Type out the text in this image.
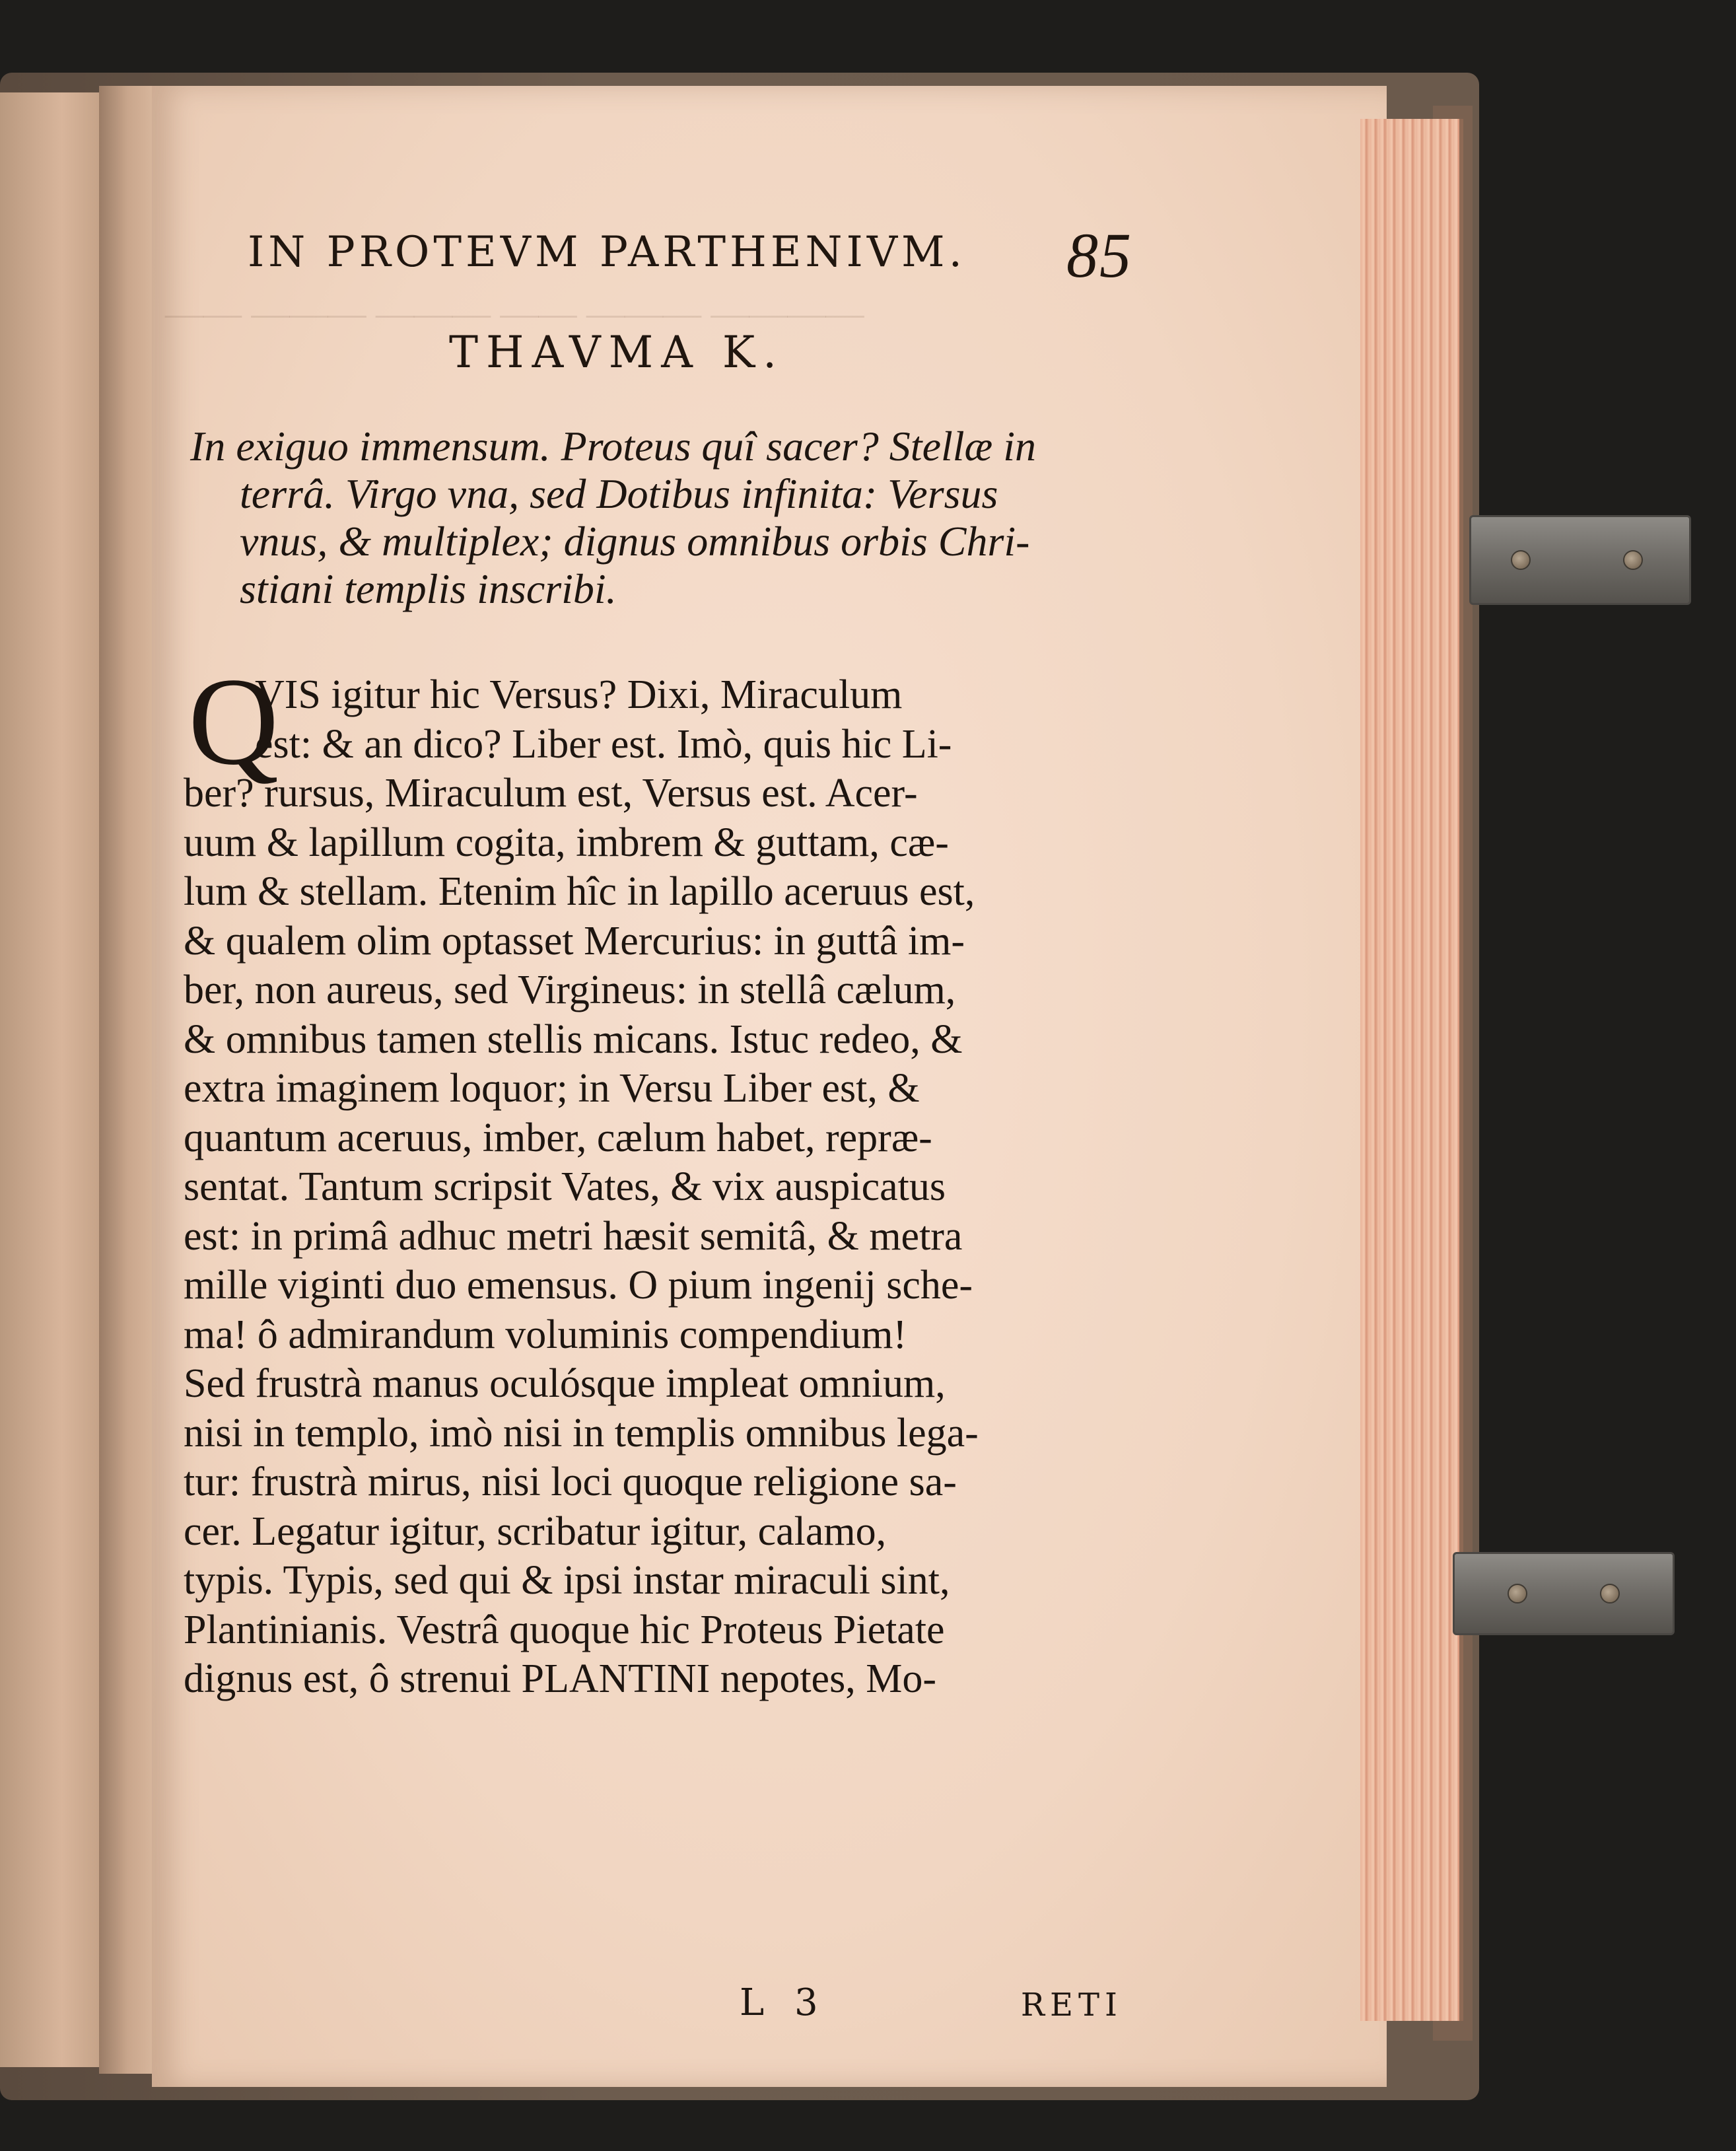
—— ——— ——— —— ——— ————
IN PROTEVM PARTHENIVM. 85
THAVMA K.
In exiguo immensum. Proteus quî sacer? Stellæ in
terrâ. Virgo vna, sed Dotibus infinita: Versus
vnus, & multiplex; dignus omnibus orbis Chri-
stiani templis inscribi.
Q
VIS igitur hic Versus? Dixi, Miraculum
est: & an dico? Liber est. Imò, quis hic Li-
ber? rursus, Miraculum est, Versus est. Acer-
uum & lapillum cogita, imbrem & guttam, cæ-
lum & stellam. Etenim hîc in lapillo aceruus est,
& qualem olim optasset Mercurius: in guttâ im-
ber, non aureus, sed Virgineus: in stellâ cælum,
& omnibus tamen stellis micans. Istuc redeo, &
extra imaginem loquor; in Versu Liber est, &
quantum aceruus, imber, cælum habet, repræ-
sentat. Tantum scripsit Vates, & vix auspicatus
est: in primâ adhuc metri hæsit semitâ, & metra
mille viginti duo emensus. O pium ingenij sche-
ma! ô admirandum voluminis compendium!
Sed frustrà manus oculósque impleat omnium,
nisi in templo, imò nisi in templis omnibus lega-
tur: frustrà mirus, nisi loci quoque religione sa-
cer. Legatur igitur, scribatur igitur, calamo,
typis. Typis, sed qui & ipsi instar miraculi sint,
Plantinianis. Vestrâ quoque hic Proteus Pietate
dignus est, ô strenui PLANTINI nepotes, Mo-
L 3	RETI
